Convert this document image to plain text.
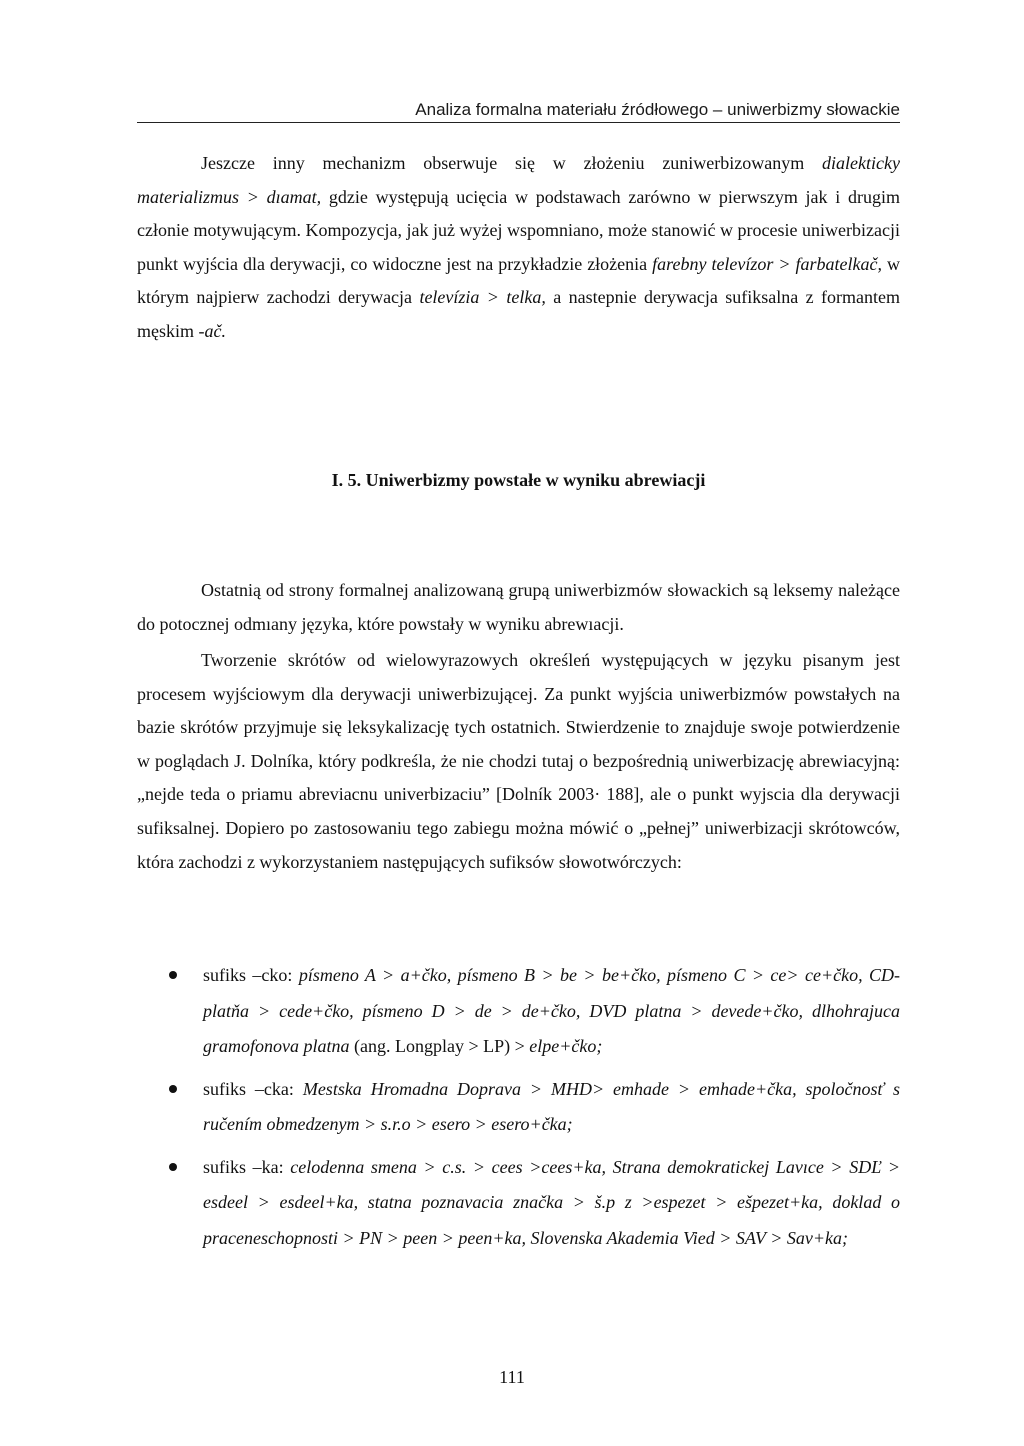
Analiza formalna materiału źródłowego – uniwerbizmy słowackie

Jeszcze inny mechanizm obserwuje się w złożeniu zuniwerbizowanym dialekticky materializmus > dıamat, gdzie występują ucięcia w podstawach zarówno w pierwszym jak i drugim członie motywującym. Kompozycja, jak już wyżej wspomniano, może stanowić w procesie uniwerbizacji punkt wyjścia dla derywacji, co widoczne jest na przykładzie złożenia farebny televízor > farbatelkač, w którym najpierw zachodzi derywacja televízia > telka, a nastepnie derywacja sufiksalna z formantem męskim -ač.

I. 5. Uniwerbizmy powstałe w wyniku abrewiacji

Ostatnią od strony formalnej analizowaną grupą uniwerbizmów słowackich są leksemy należące do potocznej odmıany języka, które powstały w wyniku abrewıacji.

Tworzenie skrótów od wielowyrazowych określeń występujących w języku pisanym jest procesem wyjściowym dla derywacji uniwerbizującej. Za punkt wyjścia uniwerbizmów powstałych na bazie skrótów przyjmuje się leksykalizację tych ostatnich. Stwierdzenie to znajduje swoje potwierdzenie w poglądach J. Dolníka, który podkreśla, że nie chodzi tutaj o bezpośrednią uniwerbizację abrewiacyjną: „nejde teda o priamu abreviacnu univerbizaciu” [Dolník 2003· 188], ale o punkt wyjscia dla derywacji sufiksalnej. Dopiero po zastosowaniu tego zabiegu można mówić o „pełnej” uniwerbizacji skrótowców, która zachodzi z wykorzystaniem następujących sufiksów słowotwórczych:

sufiks –cko: písmeno A > a+čko, písmeno B > be > be+čko, písmeno C > ce> ce+čko, CD-platňa > cede+čko, písmeno D > de > de+čko, DVD platna > devede+čko, dlhohrajuca gramofonova platna (ang. Longplay > LP) > elpe+čko;
sufiks –cka: Mestska Hromadna Doprava > MHD> emhade > emhade+čka, spoločnosť s ručením obmedzenym > s.r.o > esero > esero+čka;
sufiks –ka: celodenna smena > c.s. > cees >cees+ka, Strana demokratickej Lavıce > SDĽ > esdeel > esdeel+ka, statna poznavacia značka > š.p z >espezet > ešpezet+ka, doklad o praceneschopnosti > PN > peen > peen+ka, Slovenska Akademia Vied > SAV > Sav+ka;
111
